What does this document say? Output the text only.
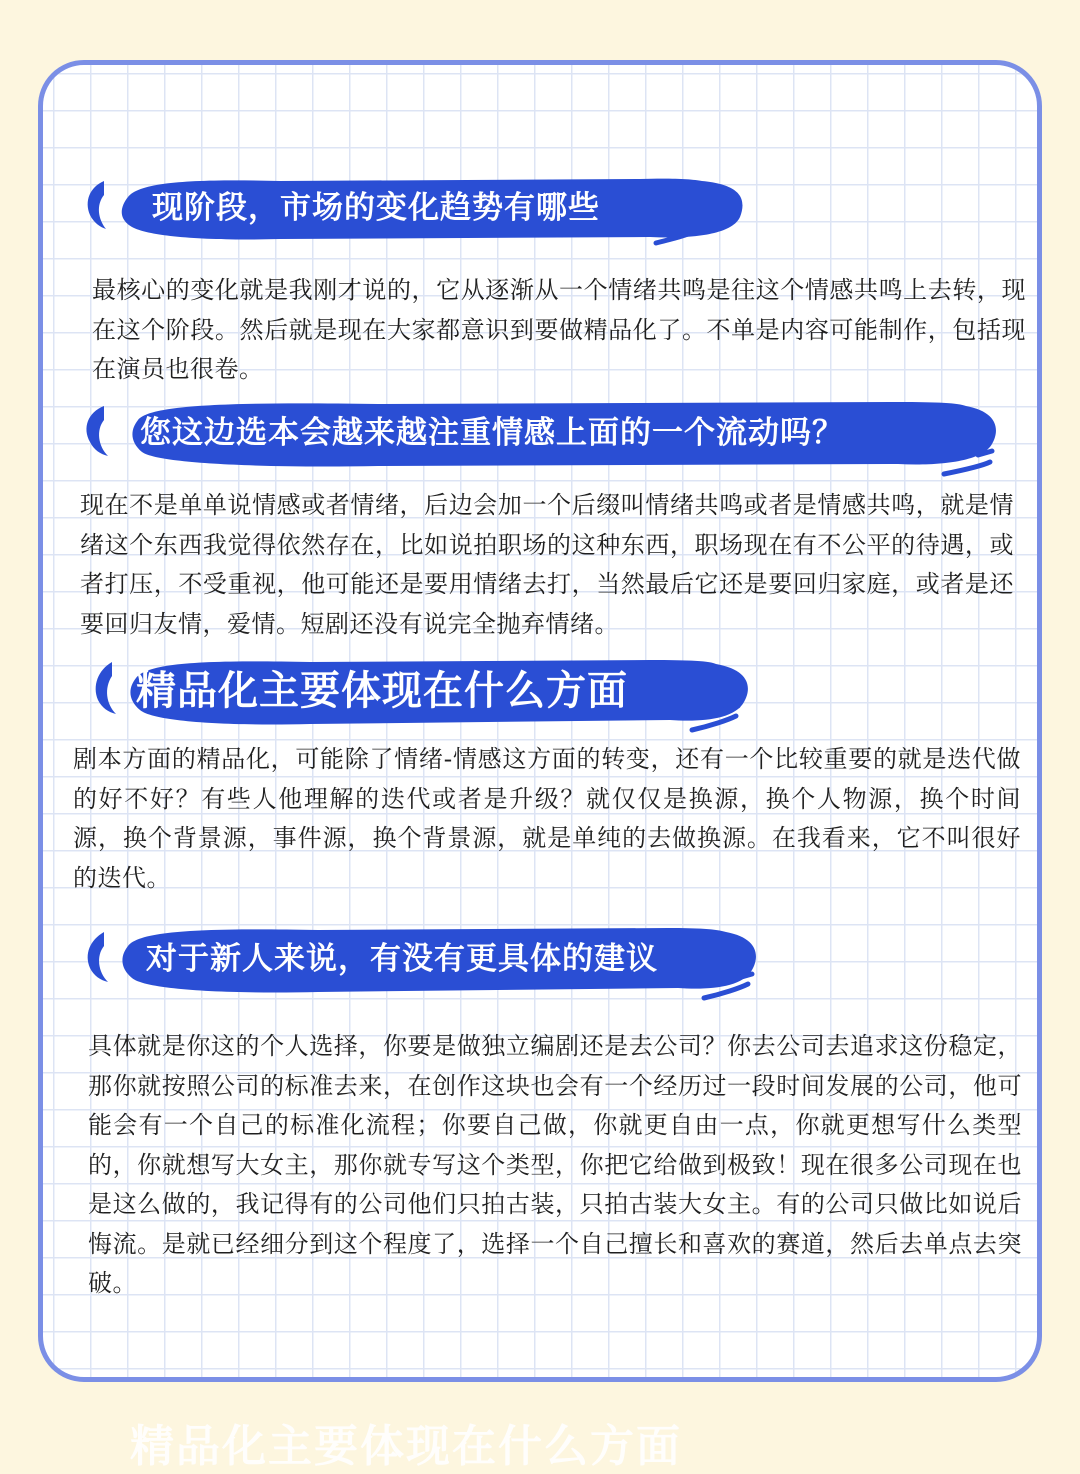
现阶段，市场的变化趋势有哪些

最核心的变化就是我刚才说的，它从逐渐从一个情绪共鸣是往这个情感共鸣上去转，现在这个阶段。然后就是现在大家都意识到要做精品化了。不单是内容可能制作，包括现在演员也很卷。

您这边选本会越来越注重情感上面的一个流动吗？

现在不是单单说情感或者情绪，后边会加一个后缀叫情绪共鸣或者是情感共鸣，就是情绪这个东西我觉得依然存在，比如说拍职场的这种东西，职场现在有不公平的待遇，或者打压，不受重视，他可能还是要用情绪去打，当然最后它还是要回归家庭，或者是还要回归友情，爱情。短剧还没有说完全抛弃情绪。

精品化主要体现在什么方面

剧本方面的精品化，可能除了情绪-情感这方面的转变，还有一个比较重要的就是迭代做的好不好？有些人他理解的迭代或者是升级？就仅仅是换源，换个人物源，换个时间源，换个背景源，事件源，换个背景源，就是单纯的去做换源。在我看来，它不叫很好的迭代。

对于新人来说，有没有更具体的建议

具体就是你这的个人选择，你要是做独立编剧还是去公司？你去公司去追求这份稳定，那你就按照公司的标准去来，在创作这块也会有一个经历过一段时间发展的公司，他可能会有一个自己的标准化流程；你要自己做，你就更自由一点，你就更想写什么类型的，你就想写大女主，那你就专写这个类型，你把它给做到极致！现在很多公司现在也是这么做的，我记得有的公司他们只拍古装，只拍古装大女主。有的公司只做比如说后悔流。是就已经细分到这个程度了，选择一个自己擅长和喜欢的赛道，然后去单点去突破。

精品化主要体现在什么方面
